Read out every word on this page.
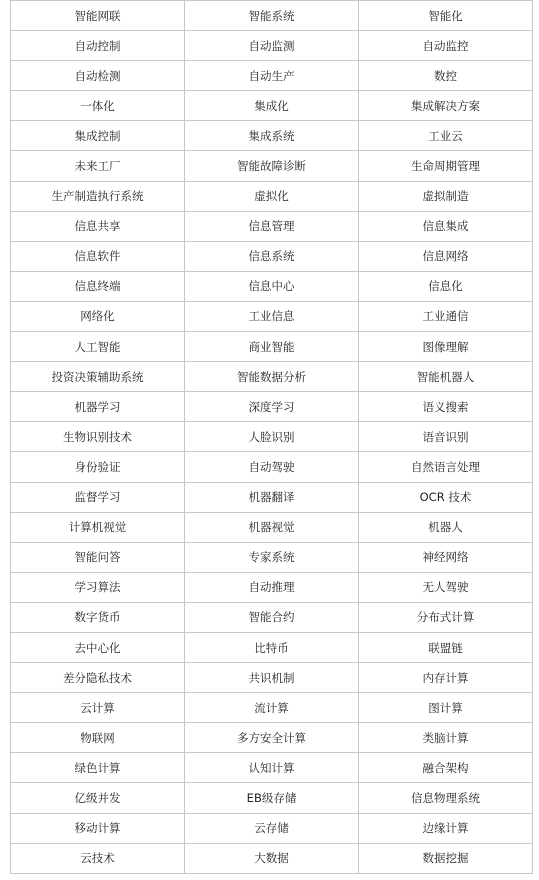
智能网联	智能系统	智能化
自动控制	自动监测	自动监控
自动检测	自动生产	数控
一体化	集成化	集成解决方案
集成控制	集成系统	工业云
未来工厂	智能故障诊断	生命周期管理
生产制造执行系统	虚拟化	虚拟制造
信息共享	信息管理	信息集成
信息软件	信息系统	信息网络
信息终端	信息中心	信息化
网络化	工业信息	工业通信
人工智能	商业智能	图像理解
投资决策辅助系统	智能数据分析	智能机器人
机器学习	深度学习	语义搜索
生物识别技术	人脸识别	语音识别
身份验证	自动驾驶	自然语言处理
监督学习	机器翻译	OCR 技术
计算机视觉	机器视觉	机器人
智能问答	专家系统	神经网络
学习算法	自动推理	无人驾驶
数字货币	智能合约	分布式计算
去中心化	比特币	联盟链
差分隐私技术	共识机制	内存计算
云计算	流计算	图计算
物联网	多方安全计算	类脑计算
绿色计算	认知计算	融合架构
亿级并发	EB级存储	信息物理系统
移动计算	云存储	边缘计算
云技术	大数据	数据挖掘
